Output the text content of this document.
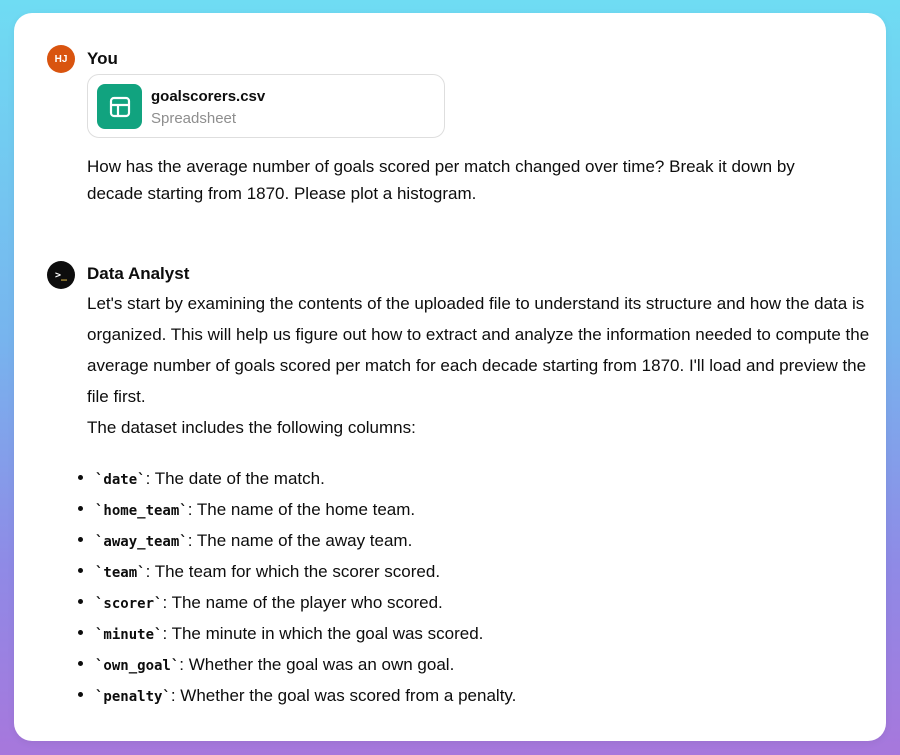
HJ You
goalscorers.csv
Spreadsheet
How has the average number of goals scored per match changed over time? Break it down by decade starting from 1870. Please plot a histogram.
> _ Data Analyst

Let's start by examining the contents of the uploaded file to understand its structure and how the data is organized. This will help us figure out how to extract and analyze the information needed to compute the average number of goals scored per match for each decade starting from 1870. I'll load and preview the file first.

The dataset includes the following columns:

`date`: The date of the match.
`home_team`: The name of the home team.
`away_team`: The name of the away team.
`team`: The team for which the scorer scored.
`scorer`: The name of the player who scored.
`minute`: The minute in which the goal was scored.
`own_goal`: Whether the goal was an own goal.
`penalty`: Whether the goal was scored from a penalty.
